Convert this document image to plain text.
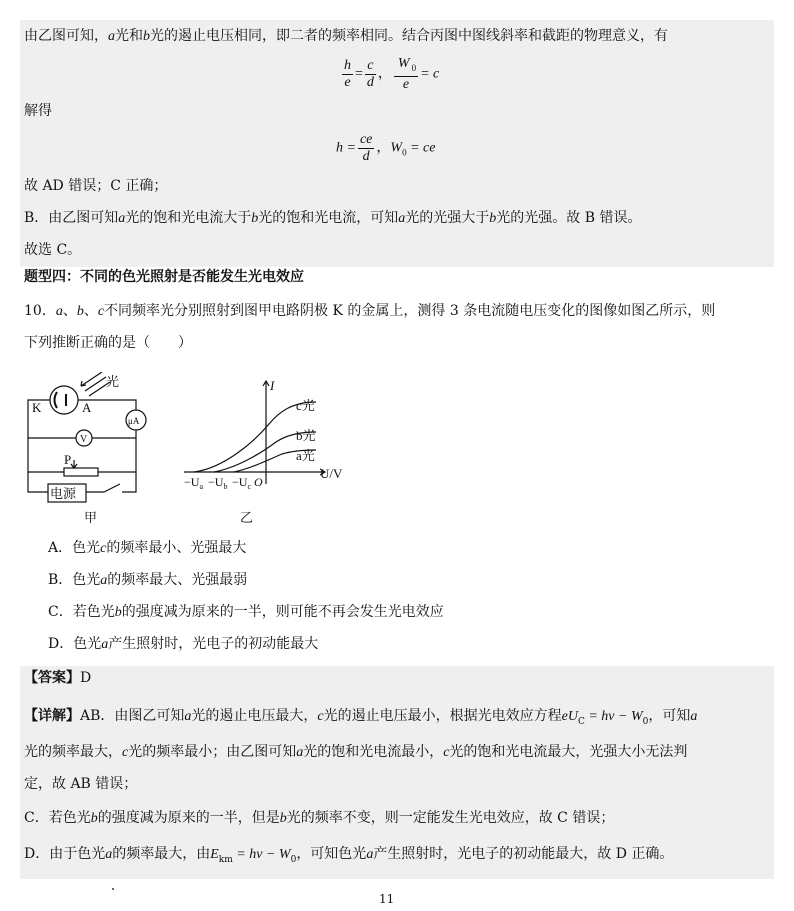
由乙图可知，a光和b光的遏止电压相同，即二者的频率相同。结合丙图中图线斜率和截距的物理意义，有
$\frac{h}{e} = \frac{c}{d}$ ， $\frac{W _0}{e} = c$
解得
$h = \frac{ce}{d}$ ，$W_0$ = ce
故 AD 错误；C 正确；
B．由乙图可知a光的饱和光电流大于b光的饱和光电流，可知a光的光强大于b光的光强。故 B 错误。
故选 C。
题型四：不同的色光照射是否能发生光电效应
10．a、b、c不同频率光分别照射到图甲电路阴极 K 的金属上，测得 3 条电流随电压变化的图像如图乙所示，则
下列推断正确的是（　　）
光
K	A
μA
V
P
电源
甲
I
U/V
c光
b光
a光
$-U_a -U_b -U_c$ O
乙
A．色光c的频率最小、光强最大
B．色光a的频率最大、光强最弱
C．若色光b的强度减为原来的一半，则可能不再会发生光电效应
D．色光a产生照射时，光电子的初动能最大
【答案】D
【详解】AB．由图乙可知a光的遏止电压最大，c光的遏止电压最小，根据光电效应方程$eU_C = h\nu - W_0$，可知a
光的频率最大，c光的频率最小；由乙图可知a光的饱和光电流最小，c光的饱和光电流最大，光强大小无法判
定，故 AB 错误；
C．若色光b的强度减为原来的一半，但是b光的频率不变，则一定能发生光电效应，故 C 错误；
D．由于色光a的频率最大，由$E_{km} = h\nu - W_0$，可知色光a产生照射时，光电子的初动能最大，故 D 正确。
11
